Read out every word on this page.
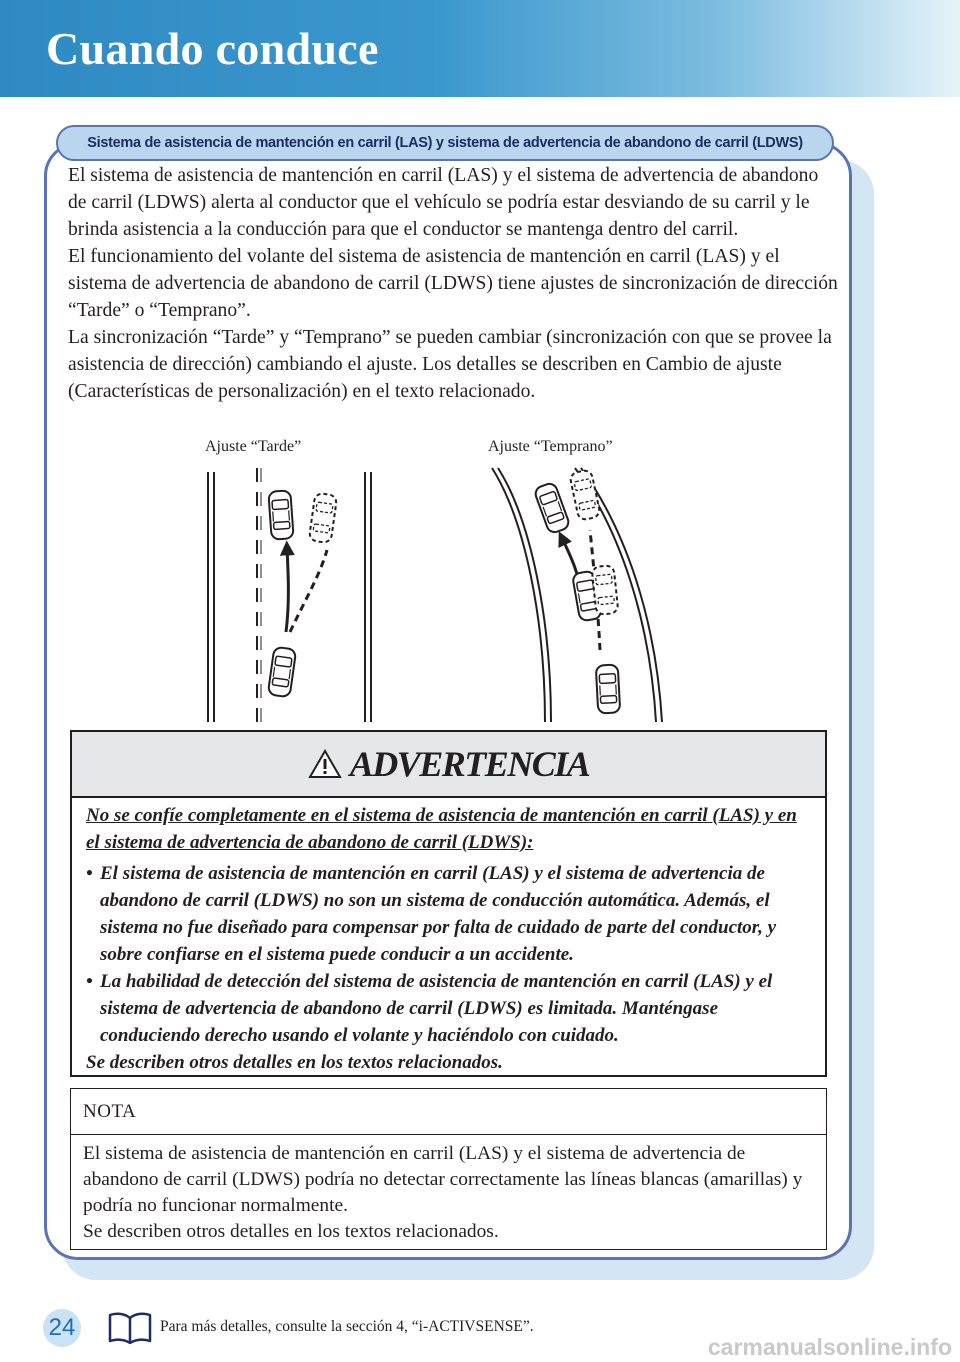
Cuando conduce
Sistema de asistencia de mantención en carril (LAS) y sistema de advertencia de abandono de carril (LDWS)

El sistema de asistencia de mantención en carril (LAS) y el sistema de advertencia de abandono de carril (LDWS) alerta al conductor que el vehículo se podría estar desviando de su carril y le brinda asistencia a la conducción para que el conductor se mantenga dentro del carril.

El funcionamiento del volante del sistema de asistencia de mantención en carril (LAS) y el sistema de advertencia de abandono de carril (LDWS) tiene ajustes de sincronización de dirección “Tarde” o “Temprano”.

La sincronización “Tarde” y “Temprano” se pueden cambiar (sincronización con que se provee la asistencia de dirección) cambiando el ajuste. Los detalles se describen en Cambio de ajuste (Características de personalización) en el texto relacionado.

Ajuste “Tarde”	Ajuste “Temprano”
ADVERTENCIA

No se confíe completamente en el sistema de asistencia de mantención en carril (LAS) y en el sistema de advertencia de abandono de carril (LDWS):

• El sistema de asistencia de mantención en carril (LAS) y el sistema de advertencia de abandono de carril (LDWS) no son un sistema de conducción automática. Además, el sistema no fue diseñado para compensar por falta de cuidado de parte del conductor, y sobre confiarse en el sistema puede conducir a un accidente.
• La habilidad de detección del sistema de asistencia de mantención en carril (LAS) y el sistema de advertencia de abandono de carril (LDWS) es limitada. Manténgase conduciendo derecho usando el volante y haciéndolo con cuidado.

Se describen otros detalles en los textos relacionados.

NOTA

El sistema de asistencia de mantención en carril (LAS) y el sistema de advertencia de abandono de carril (LDWS) podría no detectar correctamente las líneas blancas (amarillas) y podría no funcionar normalmente.

Se describen otros detalles en los textos relacionados.

24	Para más detalles, consulte la sección 4, “i-ACTIVSENSE”.
carmanualsonline.info
